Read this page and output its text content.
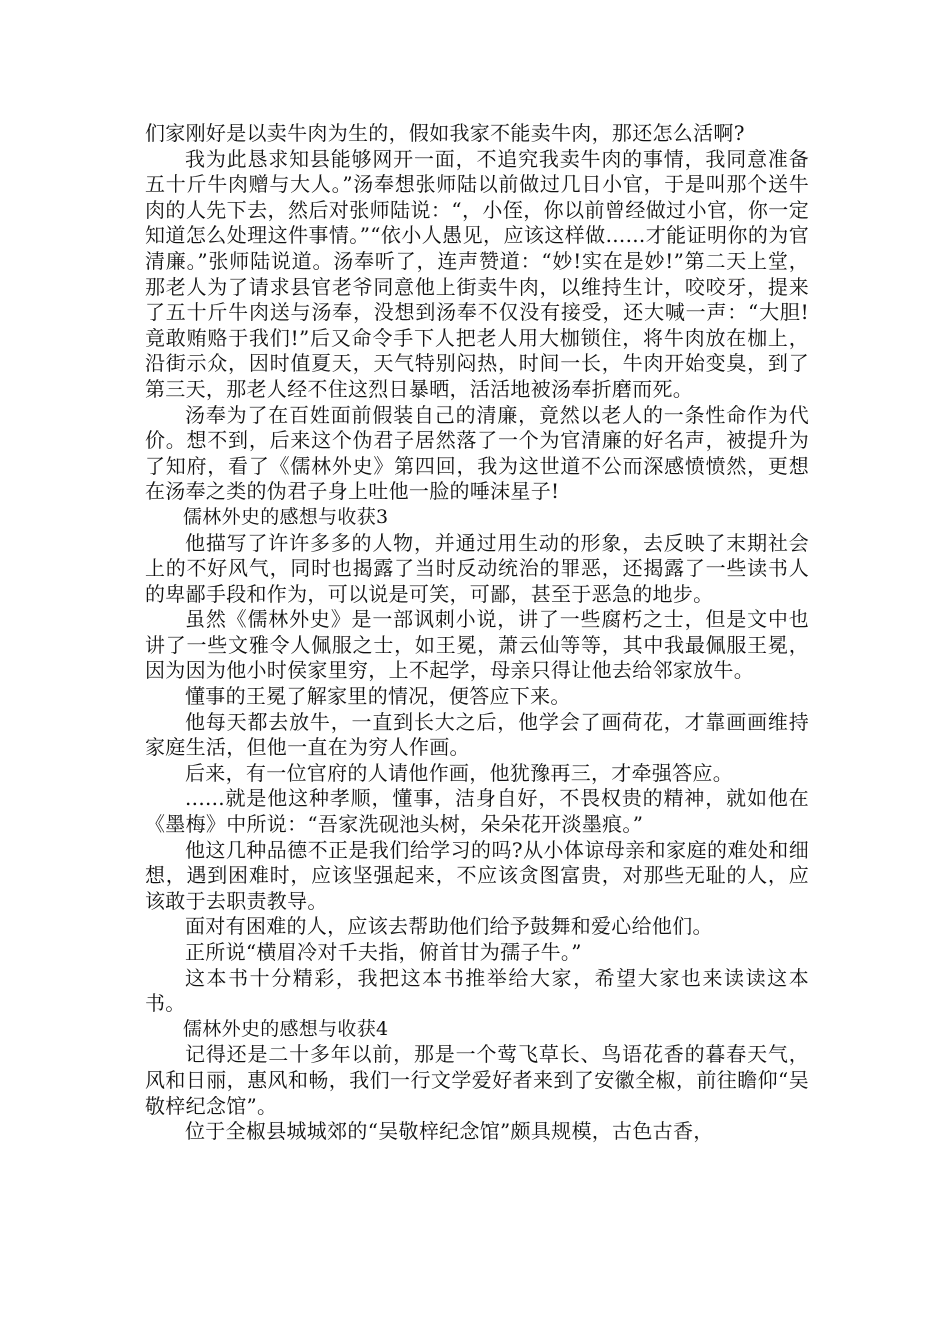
们家刚好是以卖牛肉为生的，假如我家不能卖牛肉，那还怎么活啊?

我为此恳求知县能够网开一面，不追究我卖牛肉的事情，我同意准备五十斤牛肉赠与大人。”汤奉想张师陆以前做过几日小官，于是叫那个送牛肉的人先下去，然后对张师陆说：“，小侄，你以前曾经做过小官，你一定知道怎么处理这件事情。”“依小人愚见，应该这样做......才能证明你的为官清廉。”张师陆说道。汤奉听了，连声赞道：“妙!实在是妙!”第二天上堂，那老人为了请求县官老爷同意他上街卖牛肉，以维持生计，咬咬牙，提来了五十斤牛肉送与汤奉，没想到汤奉不仅没有接受，还大喊一声：“大胆!竟敢贿赂于我们!”后又命令手下人把老人用大枷锁住，将牛肉放在枷上，沿街示众，因时值夏天，天气特别闷热，时间一长，牛肉开始变臭，到了第三天，那老人经不住这烈日暴晒，活活地被汤奉折磨而死。

汤奉为了在百姓面前假装自己的清廉，竟然以老人的一条性命作为代价。想不到，后来这个伪君子居然落了一个为官清廉的好名声，被提升为了知府，看了《儒林外史》第四回，我为这世道不公而深感愤愤然，更想在汤奉之类的伪君子身上吐他一脸的唾沫星子!

儒林外史的感想与收获3

他描写了许许多多的人物，并通过用生动的形象，去反映了末期社会上的不好风气，同时也揭露了当时反动统治的罪恶，还揭露了一些读书人的卑鄙手段和作为，可以说是可笑，可鄙，甚至于恶急的地步。

虽然《儒林外史》是一部讽刺小说，讲了一些腐朽之士，但是文中也讲了一些文雅令人佩服之士，如王冕，萧云仙等等，其中我最佩服王冕，因为因为他小时侯家里穷，上不起学，母亲只得让他去给邻家放牛。

懂事的王冕了解家里的情况，便答应下来。

他每天都去放牛，一直到长大之后，他学会了画荷花，才靠画画维持家庭生活，但他一直在为穷人作画。

后来，有一位官府的人请他作画，他犹豫再三，才牵强答应。

......就是他这种孝顺，懂事，洁身自好，不畏权贵的精神，就如他在《墨梅》中所说：“吾家洗砚池头树，朵朵花开淡墨痕。”

他这几种品德不正是我们给学习的吗?从小体谅母亲和家庭的难处和细想，遇到困难时，应该坚强起来，不应该贪图富贵，对那些无耻的人，应该敢于去职责教导。

面对有困难的人，应该去帮助他们给予鼓舞和爱心给他们。

正所说“横眉冷对千夫指，俯首甘为孺子牛。”

这本书十分精彩，我把这本书推举给大家，希望大家也来读读这本书。

儒林外史的感想与收获4

记得还是二十多年以前，那是一个莺飞草长、鸟语花香的暮春天气，风和日丽，惠风和畅，我们一行文学爱好者来到了安徽全椒，前往瞻仰“吴敬梓纪念馆”。

位于全椒县城城郊的“吴敬梓纪念馆”颇具规模，古色古香，
